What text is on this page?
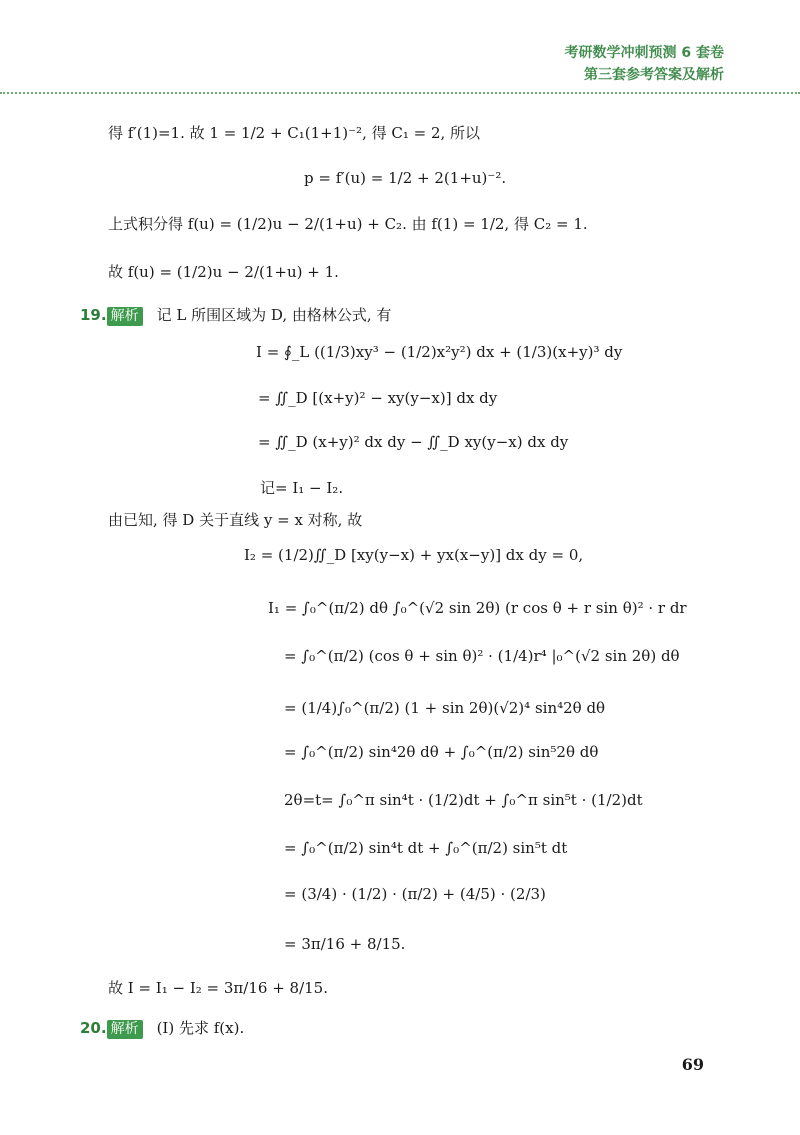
考研数学冲刺预测 6 套卷
第三套参考答案及解析
得 f′(1)=1. 故 1 = 1/2 + C₁(1+1)⁻², 得 C₁ = 2, 所以
p = f′(u) = 1/2 + 2(1+u)⁻².
上式积分得 f(u) = (1/2)u − 2/(1+u) + C₂. 由 f(1) = 1/2, 得 C₂ = 1.
故 f(u) = (1/2)u − 2/(1+u) + 1.
19. 解析 记 L 所围区域为 D, 由格林公式, 有
I = ∮_L ((1/3)xy³ − (1/2)x²y²) dx + (1/3)(x+y)³ dy
= ∬_D [(x+y)² − xy(y−x)] dx dy
= ∬_D (x+y)² dx dy − ∬_D xy(y−x) dx dy
记= I₁ − I₂.
由已知, 得 D 关于直线 y = x 对称, 故
I₂ = (1/2)∬_D [xy(y−x) + yx(x−y)] dx dy = 0,
I₁ = ∫₀^(π/2) dθ ∫₀^(√2 sin 2θ) (r cos θ + r sin θ)² · r dr
= ∫₀^(π/2) (cos θ + sin θ)² · (1/4)r⁴ |₀^(√2 sin 2θ) dθ
= (1/4)∫₀^(π/2) (1 + sin 2θ)(√2)⁴ sin⁴2θ dθ
= ∫₀^(π/2) sin⁴2θ dθ + ∫₀^(π/2) sin⁵2θ dθ
2θ=t= ∫₀^π sin⁴t · (1/2)dt + ∫₀^π sin⁵t · (1/2)dt
= ∫₀^(π/2) sin⁴t dt + ∫₀^(π/2) sin⁵t dt
= (3/4) · (1/2) · (π/2) + (4/5) · (2/3)
= 3π/16 + 8/15.
故 I = I₁ − I₂ = 3π/16 + 8/15.
20. 解析 (Ⅰ) 先求 f(x).
69
